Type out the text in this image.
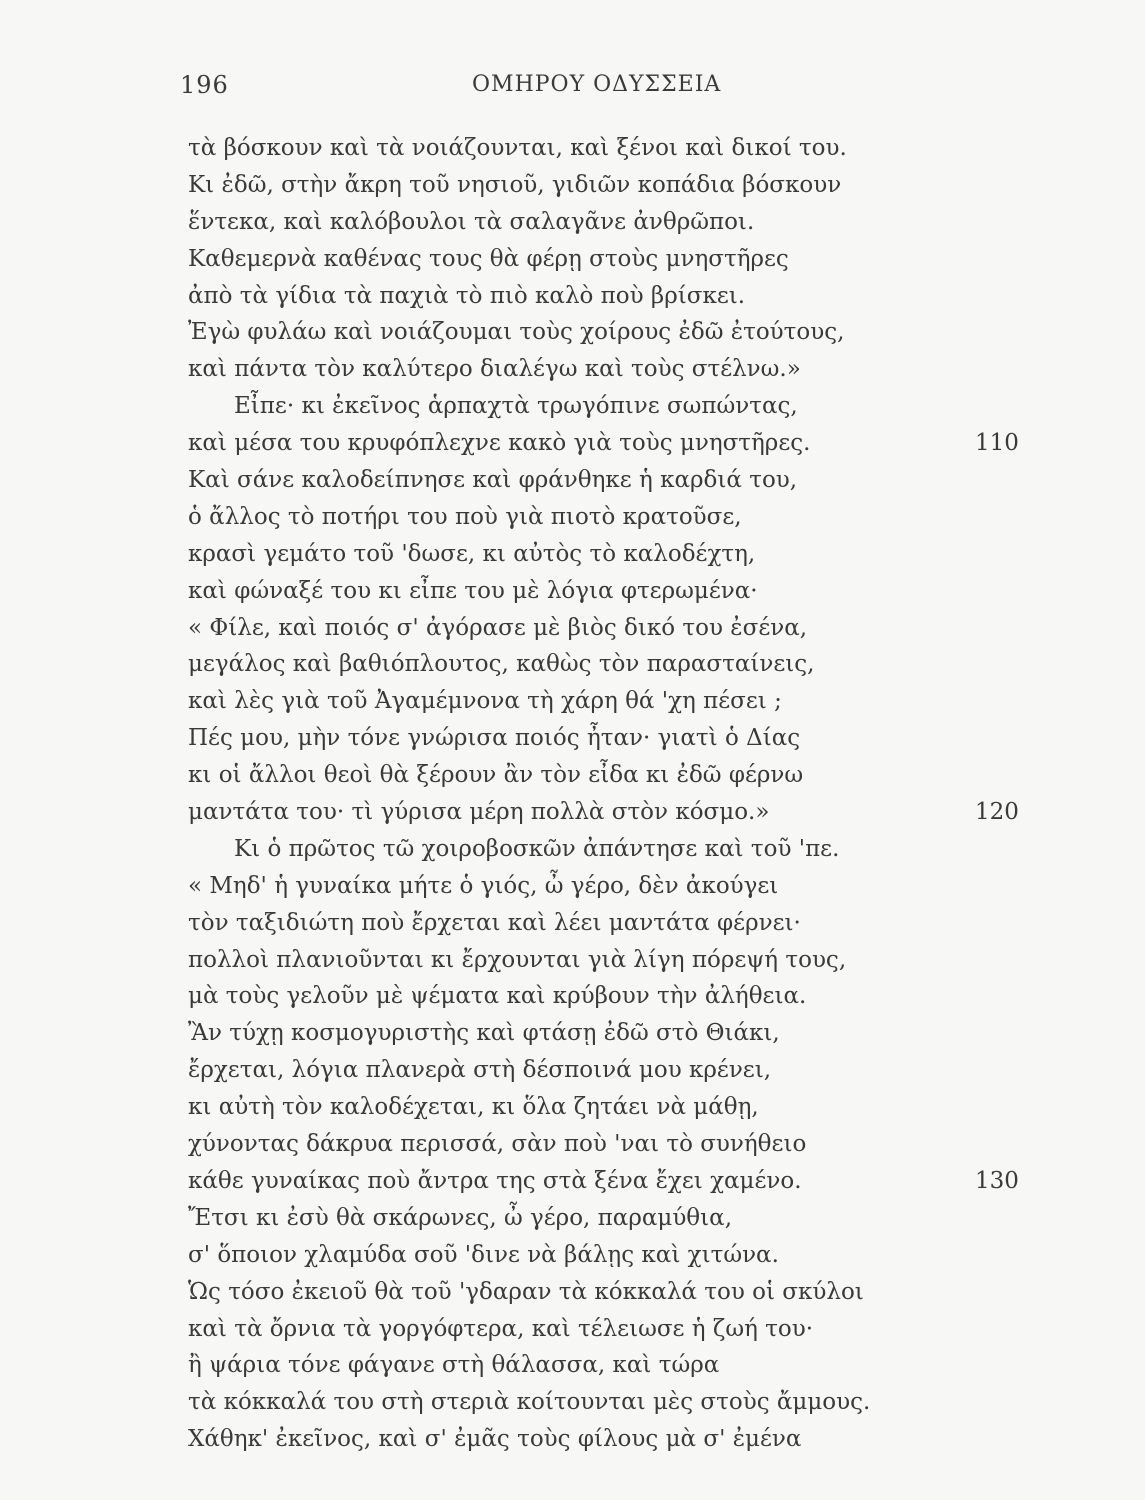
196	ΟΜΗΡΟΥ ΟΔΥΣΣΕΙΑ
τὰ βόσκουν καὶ τὰ νοιάζουνται, καὶ ξένοι καὶ δικοί του.
Κι ἐδῶ, στὴν ἄκρη τοῦ νησιοῦ, γιδιῶν κοπάδια βόσκουν
ἕντεκα, καὶ καλόβουλοι τὰ σαλαγᾶνε ἀνθρῶποι.
Καθεμερνὰ καθένας τους θὰ φέρῃ στοὺς μνηστῆρες
ἀπὸ τὰ γίδια τὰ παχιὰ τὸ πιὸ καλὸ ποὺ βρίσκει.
Ἐγὼ φυλάω καὶ νοιάζουμαι τοὺς χοίρους ἐδῶ ἐτούτους,
καὶ πάντα τὸν καλύτερο διαλέγω καὶ τοὺς στέλνω.»
Εἶπε· κι ἐκεῖνος ἁρπαχτὰ τρωγόπινε σωπώντας,
καὶ μέσα του κρυφόπλεχνε κακὸ γιὰ τοὺς μνηστῆρες.	110
Καὶ σάνε καλοδείπνησε καὶ φράνθηκε ἡ καρδιά του,
ὁ ἄλλος τὸ ποτήρι του ποὺ γιὰ πιοτὸ κρατοῦσε,
κρασὶ γεμάτο τοῦ 'δωσε, κι αὐτὸς τὸ καλοδέχτη,
καὶ φώναξέ του κι εἶπε του μὲ λόγια φτερωμένα·
« Φίλε, καὶ ποιός σ' ἀγόρασε μὲ βιὸς δικό του ἐσένα,
μεγάλος καὶ βαθιόπλουτος, καθὼς τὸν παρασταίνεις,
καὶ λὲς γιὰ τοῦ Ἀγαμέμνονα τὴ χάρη θά 'χη πέσει ;
Πές μου, μὴν τόνε γνώρισα ποιός ἦταν· γιατὶ ὁ Δίας
κι οἱ ἄλλοι θεοὶ θὰ ξέρουν ἂν τὸν εἶδα κι ἐδῶ φέρνω
μαντάτα του· τὶ γύρισα μέρη πολλὰ στὸν κόσμο.»	120
Κι ὁ πρῶτος τῶ χοιροβοσκῶν ἀπάντησε καὶ τοῦ 'πε.
« Μηδ' ἡ γυναίκα μήτε ὁ γιός, ὦ γέρο, δὲν ἀκούγει
τὸν ταξιδιώτη ποὺ ἔρχεται καὶ λέει μαντάτα φέρνει·
πολλοὶ πλανιοῦνται κι ἔρχουνται γιὰ λίγη πόρεψή τους,
μὰ τοὺς γελοῦν μὲ ψέματα καὶ κρύβουν τὴν ἀλήθεια.
Ἂν τύχῃ κοσμογυριστὴς καὶ φτάσῃ ἐδῶ στὸ Θιάκι,
ἔρχεται, λόγια πλανερὰ στὴ δέσποινά μου κρένει,
κι αὐτὴ τὸν καλοδέχεται, κι ὅλα ζητάει νὰ μάθῃ,
χύνοντας δάκρυα περισσά, σὰν ποὺ 'ναι τὸ συνήθειο
κάθε γυναίκας ποὺ ἄντρα της στὰ ξένα ἔχει χαμένο.	130
Ἔτσι κι ἐσὺ θὰ σκάρωνες, ὦ γέρο, παραμύθια,
σ' ὅποιον χλαμύδα σοῦ 'δινε νὰ βάλῃς καὶ χιτώνα.
Ὡς τόσο ἐκειοῦ θὰ τοῦ 'γδαραν τὰ κόκκαλά του οἱ σκύλοι
καὶ τὰ ὄρνια τὰ γοργόφτερα, καὶ τέλειωσε ἡ ζωή του·
ἢ ψάρια τόνε φάγανε στὴ θάλασσα, καὶ τώρα
τὰ κόκκαλά του στὴ στεριὰ κοίτουνται μὲς στοὺς ἄμμους.
Χάθηκ' ἐκεῖνος, καὶ σ' ἐμᾶς τοὺς φίλους μὰ σ' ἐμένα
